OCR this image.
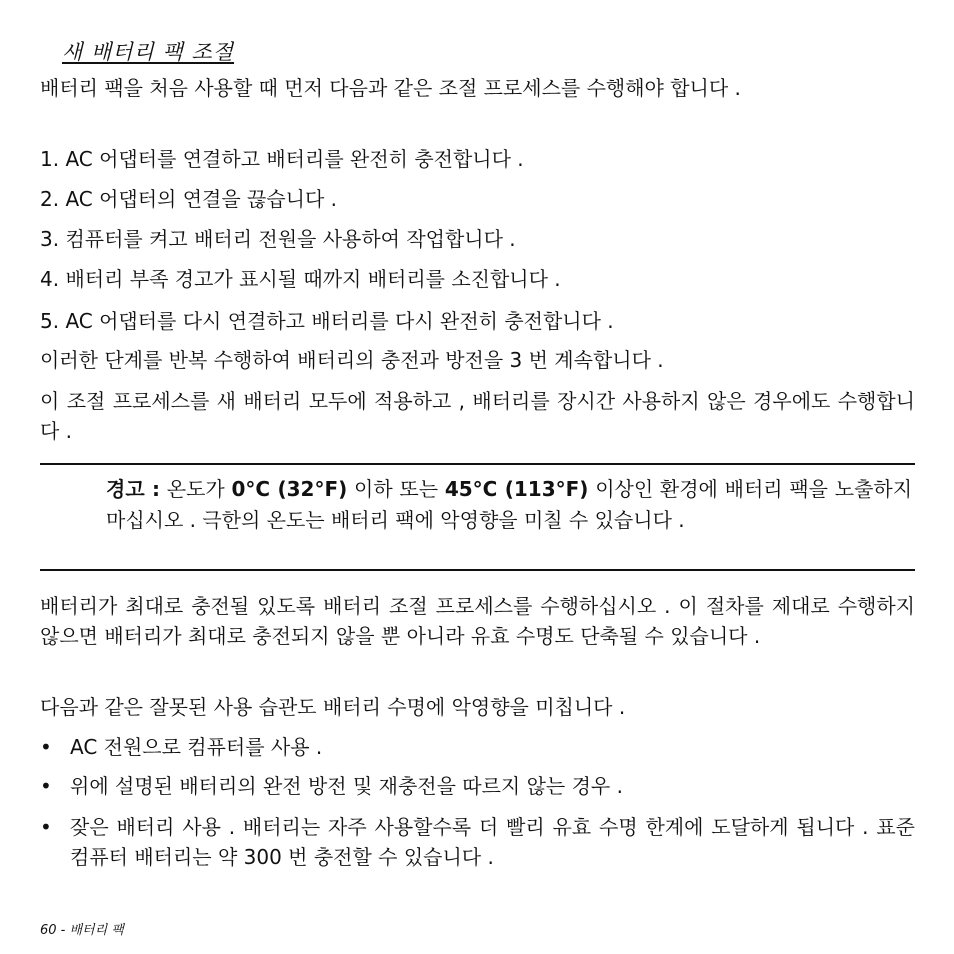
새 배터리 팩 조절

배터리 팩을 처음 사용할 때 먼저 다음과 같은 조절 프로세스를 수행해야 합니다 .

1. AC 어댑터를 연결하고 배터리를 완전히 충전합니다 .

2. AC 어댑터의 연결을 끊습니다 .

3. 컴퓨터를 켜고 배터리 전원을 사용하여 작업합니다 .

4. 배터리 부족 경고가 표시될 때까지 배터리를 소진합니다 .

5. AC 어댑터를 다시 연결하고 배터리를 다시 완전히 충전합니다 .

이러한 단계를 반복 수행하여 배터리의 충전과 방전을 3 번 계속합니다 .

이 조절 프로세스를 새 배터리 모두에 적용하고 , 배터리를 장시간 사용하지 않은 경우에도 수행합니다 .

경고 : 온도가 0°C (32°F) 이하 또는 45°C (113°F) 이상인 환경에 배터리 팩을 노출하지 마십시오 . 극한의 온도는 배터리 팩에 악영향을 미칠 수 있습니다 .

배터리가 최대로 충전될 있도록 배터리 조절 프로세스를 수행하십시오 . 이 절차를 제대로 수행하지 않으면 배터리가 최대로 충전되지 않을 뿐 아니라 유효 수명도 단축될 수 있습니다 .

다음과 같은 잘못된 사용 습관도 배터리 수명에 악영향을 미칩니다 .

• AC 전원으로 컴퓨터를 사용 .
• 위에 설명된 배터리의 완전 방전 및 재충전을 따르지 않는 경우 .
• 잦은 배터리 사용 . 배터리는 자주 사용할수록 더 빨리 유효 수명 한계에 도달하게 됩니다 . 표준 컴퓨터 배터리는 약 300 번 충전할 수 있습니다 .
60 - 배터리 팩
